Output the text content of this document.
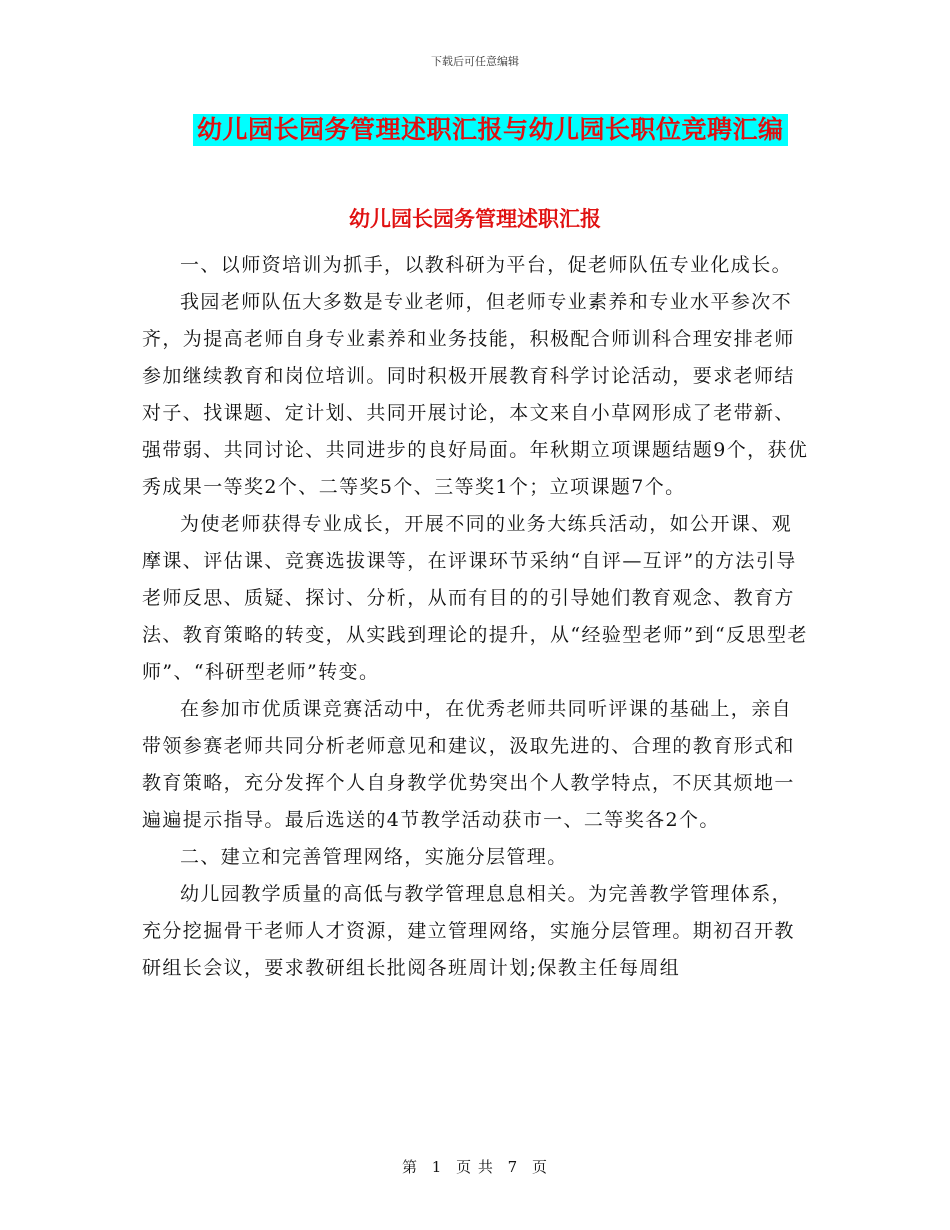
下载后可任意编辑
幼儿园长园务管理述职汇报与幼儿园长职位竞聘汇编
幼儿园长园务管理述职汇报

一、以师资培训为抓手，以教科研为平台，促老师队伍专业化成长。

我园老师队伍大多数是专业老师，但老师专业素养和专业水平参次不齐，为提高老师自身专业素养和业务技能，积极配合师训科合理安排老师参加继续教育和岗位培训。同时积极开展教育科学讨论活动，要求老师结对子、找课题、定计划、共同开展讨论，本文来自小草网形成了老带新、强带弱、共同讨论、共同进步的良好局面。年秋期立项课题结题9个，获优秀成果一等奖2个、二等奖5个、三等奖1个；立项课题7个。

为使老师获得专业成长，开展不同的业务大练兵活动，如公开课、观摩课、评估课、竞赛选拔课等，在评课环节采纳“自评—互评”的方法引导老师反思、质疑、探讨、分析，从而有目的的引导她们教育观念、教育方法、教育策略的转变，从实践到理论的提升，从“经验型老师”到“反思型老师”、“科研型老师”转变。

在参加市优质课竞赛活动中，在优秀老师共同听评课的基础上，亲自带领参赛老师共同分析老师意见和建议，汲取先进的、合理的教育形式和教育策略，充分发挥个人自身教学优势突出个人教学特点，不厌其烦地一遍遍提示指导。最后选送的4节教学活动获市一、二等奖各2个。

二、建立和完善管理网络，实施分层管理。

幼儿园教学质量的高低与教学管理息息相关。为完善教学管理体系，充分挖掘骨干老师人才资源，建立管理网络，实施分层管理。期初召开教研组长会议，要求教研组长批阅各班周计划;保教主任每周组

第 1 页 共 7 页
